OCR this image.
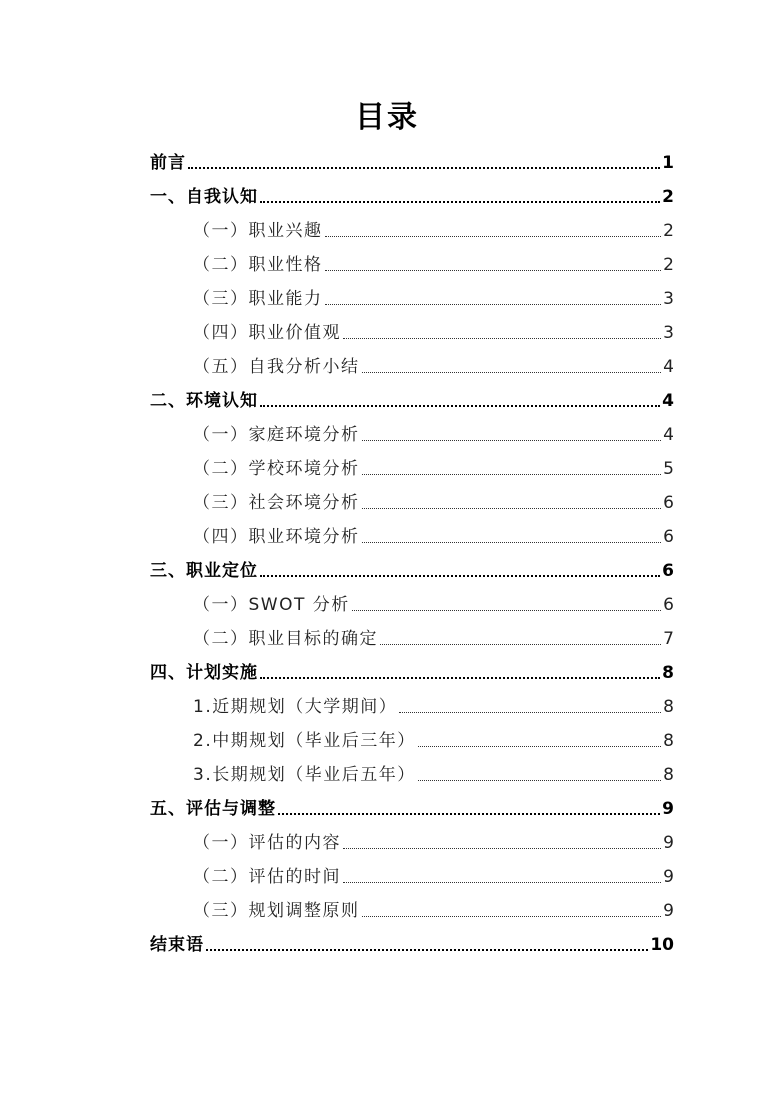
目录
前言	1
一、自我认知	2
（一）职业兴趣	2
（二）职业性格	2
（三）职业能力	3
（四）职业价值观	3
（五）自我分析小结	4
二、环境认知	4
（一）家庭环境分析	4
（二）学校环境分析	5
（三）社会环境分析	6
（四）职业环境分析	6
三、职业定位	6
（一）SWOT 分析	6
（二）职业目标的确定	7
四、计划实施	8
1.近期规划（大学期间）	8
2.中期规划（毕业后三年）	8
3.长期规划（毕业后五年）	8
五、评估与调整	9
（一）评估的内容	9
（二）评估的时间	9
（三）规划调整原则	9
结束语	10
